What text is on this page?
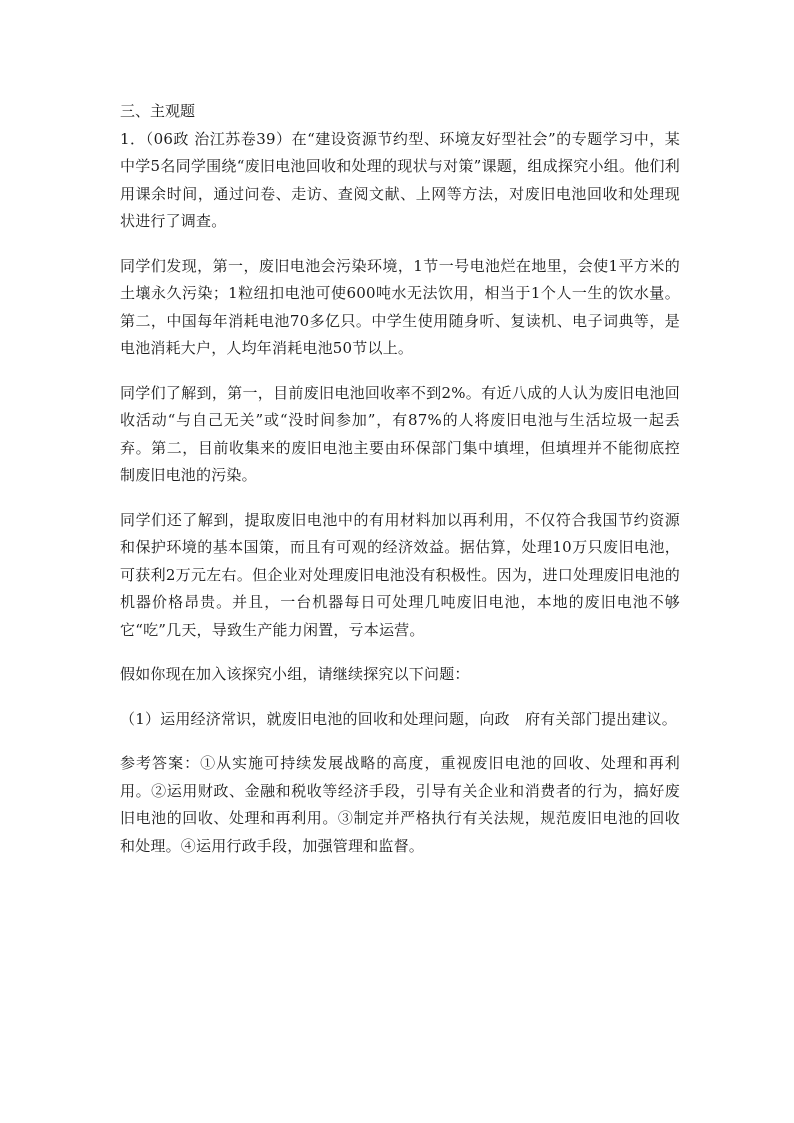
三、主观题

1．（06政 治江苏卷39）在“建设资源节约型、环境友好型社会”的专题学习中，某中学5名同学围绕“废旧电池回收和处理的现状与对策”课题，组成探究小组。他们利用课余时间，通过问卷、走访、查阅文献、上网等方法，对废旧电池回收和处理现状进行了调查。

同学们发现，第一，废旧电池会污染环境，1节一号电池烂在地里，会使1平方米的土壤永久污染；1粒纽扣电池可使600吨水无法饮用，相当于1个人一生的饮水量。第二，中国每年消耗电池70多亿只。中学生使用随身听、复读机、电子词典等，是电池消耗大户，人均年消耗电池50节以上。

同学们了解到，第一，目前废旧电池回收率不到2%。有近八成的人认为废旧电池回收活动“与自己无关”或“没时间参加”，有87%的人将废旧电池与生活垃圾一起丢弃。第二，目前收集来的废旧电池主要由环保部门集中填埋，但填埋并不能彻底控制废旧电池的污染。

同学们还了解到，提取废旧电池中的有用材料加以再利用，不仅符合我国节约资源和保护环境的基本国策，而且有可观的经济效益。据估算，处理10万只废旧电池，可获利2万元左右。但企业对处理废旧电池没有积极性。因为，进口处理废旧电池的机器价格昂贵。并且，一台机器每日可处理几吨废旧电池，本地的废旧电池不够它“吃”几天，导致生产能力闲置，亏本运营。

假如你现在加入该探究小组，请继续探究以下问题：

（1）运用经济常识，就废旧电池的回收和处理问题，向政　府有关部门提出建议。

参考答案：①从实施可持续发展战略的高度，重视废旧电池的回收、处理和再利用。②运用财政、金融和税收等经济手段，引导有关企业和消费者的行为，搞好废旧电池的回收、处理和再利用。③制定并严格执行有关法规，规范废旧电池的回收和处理。④运用行政手段，加强管理和监督。
